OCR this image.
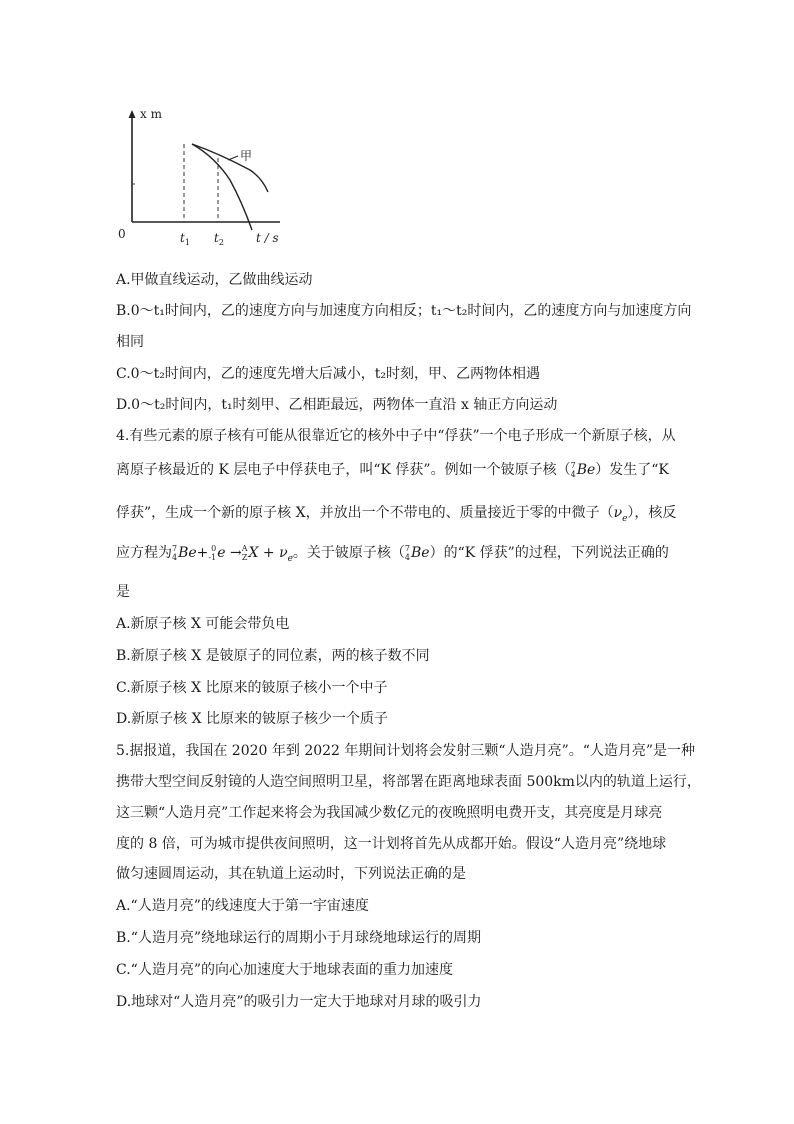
x m
0	$t_1$ $t_2$	t / s
甲
A.甲做直线运动，乙做曲线运动
B.0～t₁时间内，乙的速度方向与加速度方向相反；t₁～t₂时间内，乙的速度方向与加速度方向
相同
C.0～t₂时间内，乙的速度先增大后减小，t₂时刻，甲、乙两物体相遇
D.0～t₂时间内，t₁时刻甲、乙相距最远，两物体一直沿 x 轴正方向运动
4.有些元素的原子核有可能从很靠近它的核外中子中“俘获”一个电子形成一个新原子核，从
离原子核最近的 K 层电子中俘获电子，叫“K 俘获”。例如一个铍原子核（ 7
4 Be）发生了“K
俘获”，生成一个新的原子核 X，并放出一个不带电的、质量接近于零的中微子$(\nu_e)$，核反
应方程为 7
4 Be+ 0
-1 e → A
Z $X + \nu_e$。关于铍原子核（ 7
4 Be）的“K 俘获”的过程，下列说法正确的
是
A.新原子核 X 可能会带负电
B.新原子核 X 是铍原子的同位素，两的核子数不同
C.新原子核 X 比原来的铍原子核小一个中子
D.新原子核 X 比原来的铍原子核少一个质子
5.据报道，我国在 2020 年到 2022 年期间计划将会发射三颗“人造月亮”。“人造月亮”是一种
携带大型空间反射镜的人造空间照明卫星，将部署在距离地球表面 500km以内的轨道上运行，
这三颗“人造月亮”工作起来将会为我国减少数亿元的夜晚照明电费开支，其亮度是月球亮
度的 8 倍，可为城市提供夜间照明，这一计划将首先从成都开始。假设“人造月亮”绕地球
做匀速圆周运动，其在轨道上运动时，下列说法正确的是
A.“人造月亮”的线速度大于第一宇宙速度
B.“人造月亮”绕地球运行的周期小于月球绕地球运行的周期
C.“人造月亮”的向心加速度大于地球表面的重力加速度
D.地球对“人造月亮”的吸引力一定大于地球对月球的吸引力
